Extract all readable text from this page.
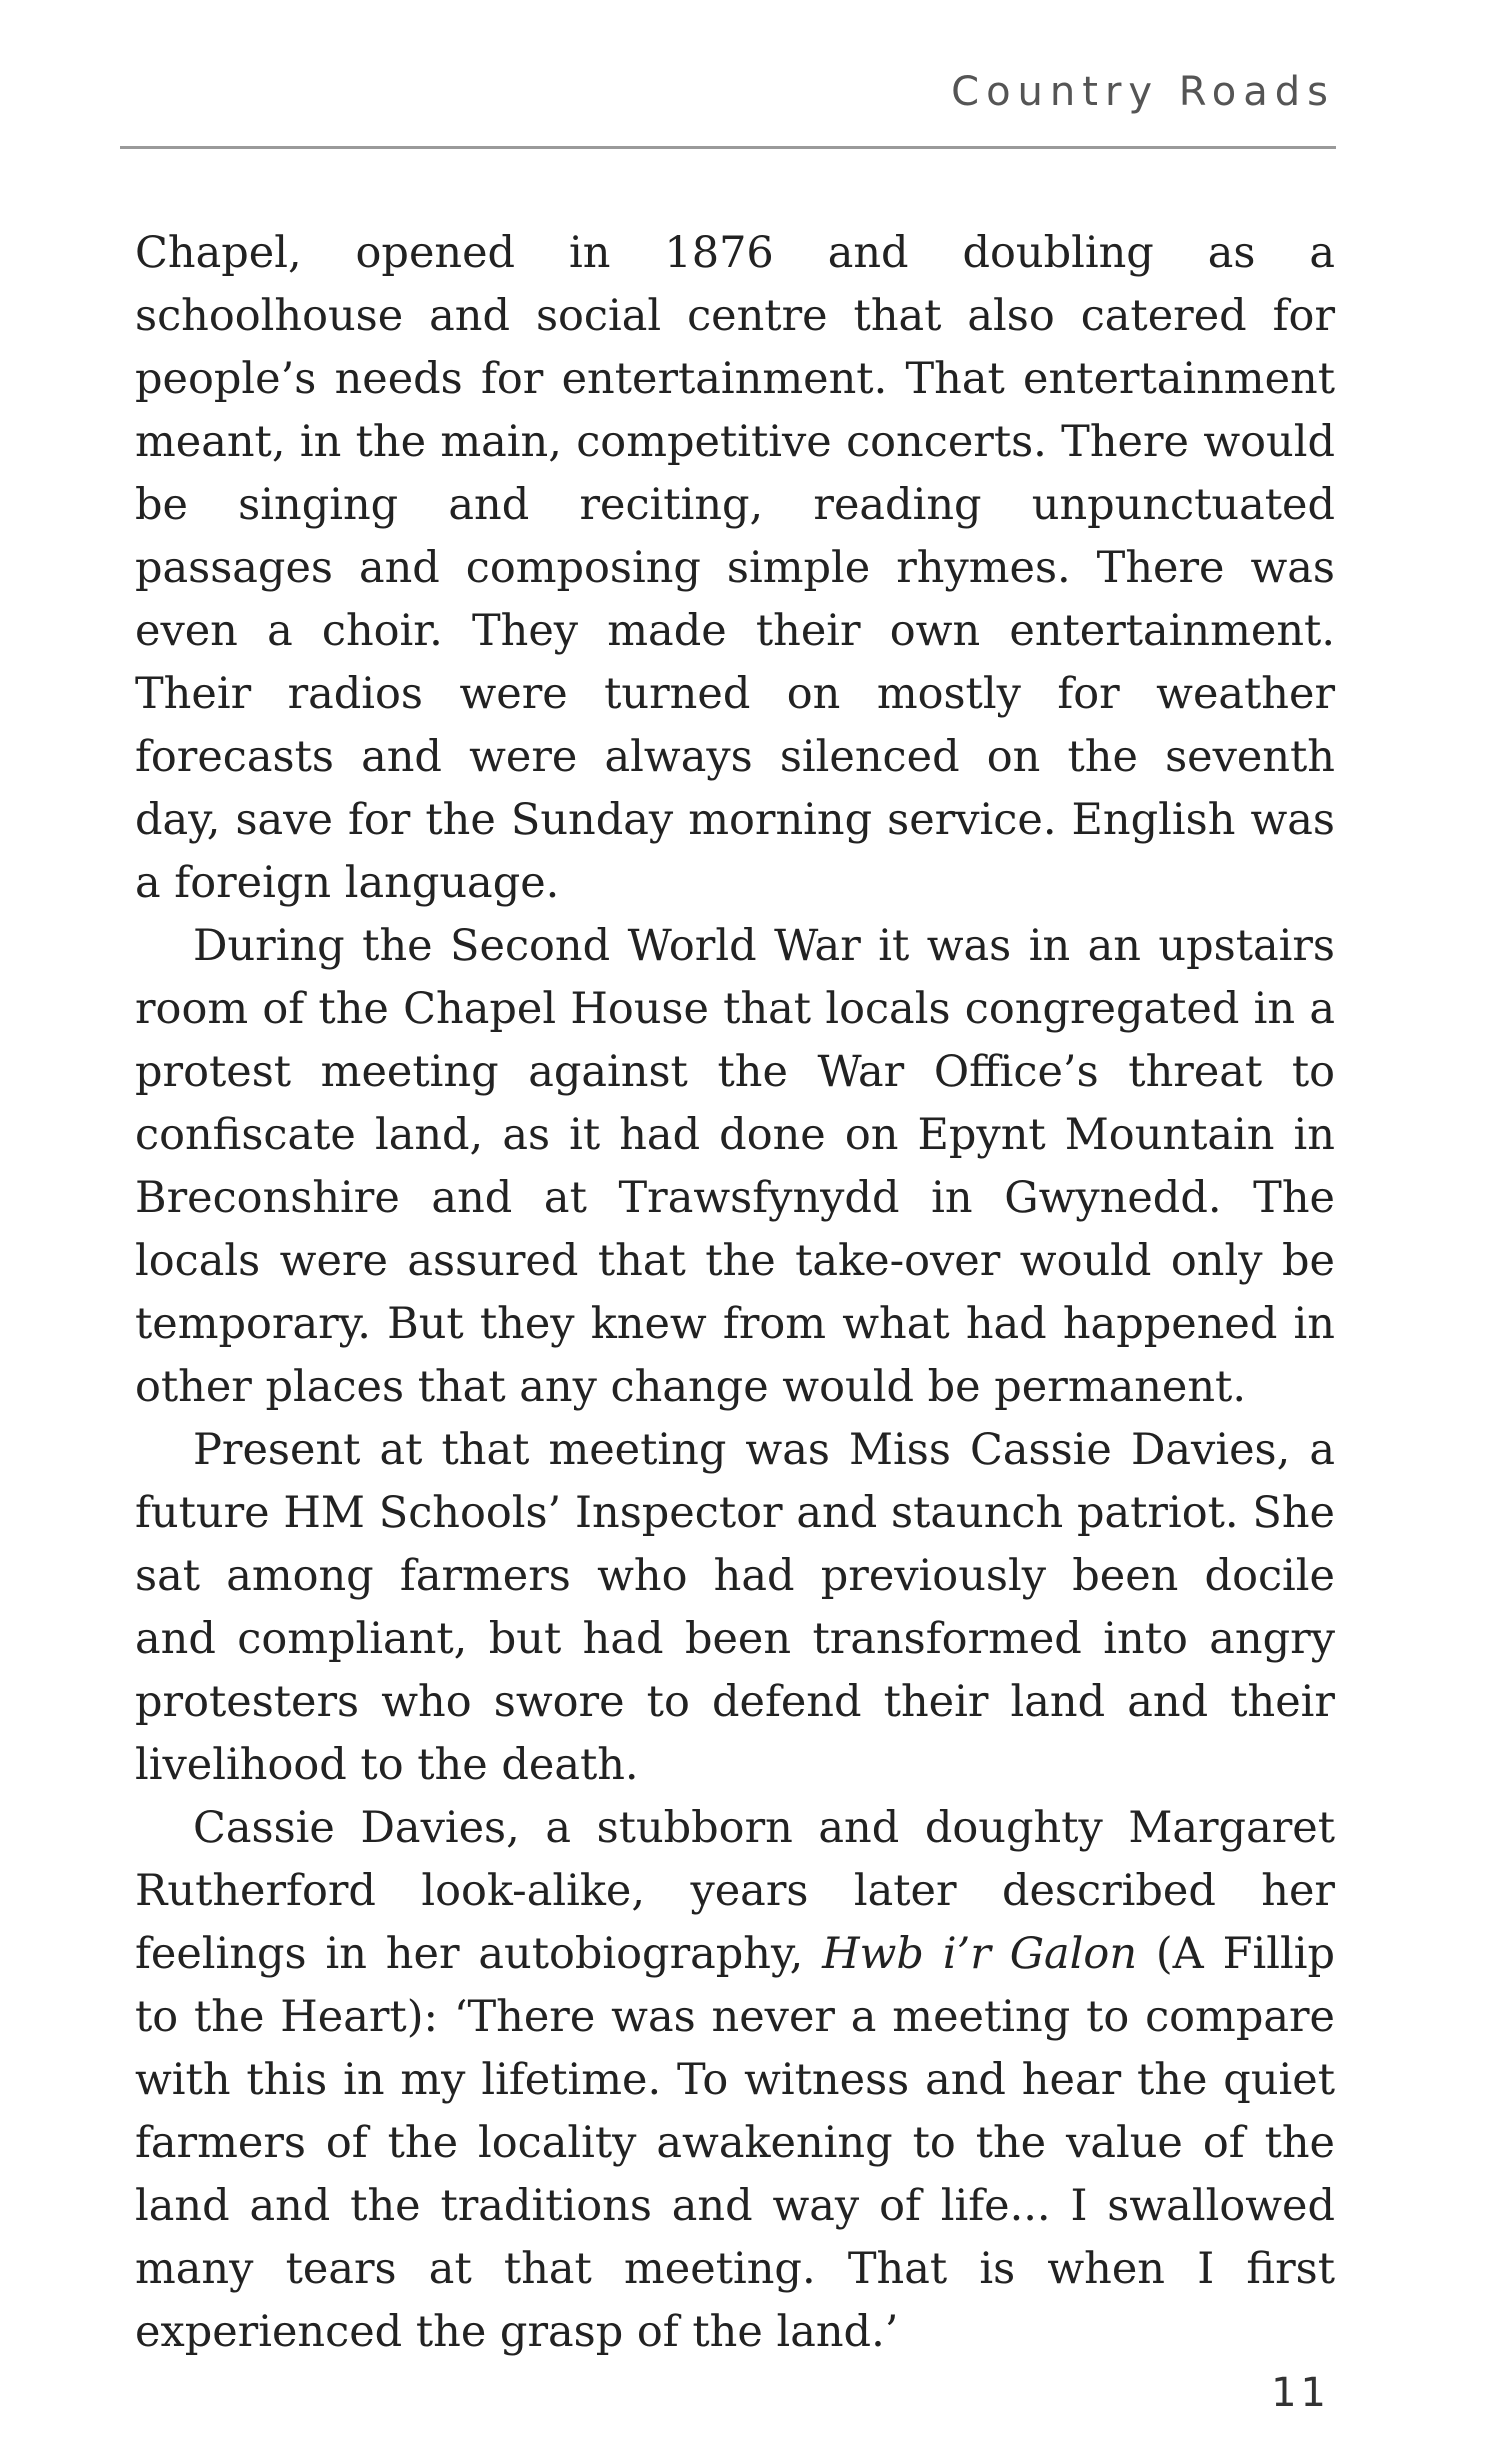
Country Roads

Chapel, opened in 1876 and doubling as a schoolhouse and social centre that also catered for people’s needs for entertainment. That entertainment meant, in the main, competitive concerts. There would be singing and reciting, reading unpunctuated passages and composing simple rhymes. There was even a choir. They made their own entertainment. Their radios were turned on mostly for weather forecasts and were always silenced on the seventh day, save for the Sunday morning service. English was a foreign language.

During the Second World War it was in an upstairs room of the Chapel House that locals congregated in a protest meeting against the War Office’s threat to confiscate land, as it had done on Epynt Mountain in Breconshire and at Trawsfynydd in Gwynedd. The locals were assured that the take-over would only be temporary. But they knew from what had happened in other places that any change would be permanent.

Present at that meeting was Miss Cassie Davies, a future HM Schools’ Inspector and staunch patriot. She sat among farmers who had previously been docile and compliant, but had been transformed into angry protesters who swore to defend their land and their livelihood to the death.

Cassie Davies, a stubborn and doughty Margaret Rutherford look-alike, years later described her feelings in her autobiography, Hwb i’r Galon (A Fillip to the Heart): ‘There was never a meeting to compare with this in my lifetime. To witness and hear the quiet farmers of the locality awakening to the value of the land and the traditions and way of life... I swallowed many tears at that meeting. That is when I first experienced the grasp of the land.’

11
